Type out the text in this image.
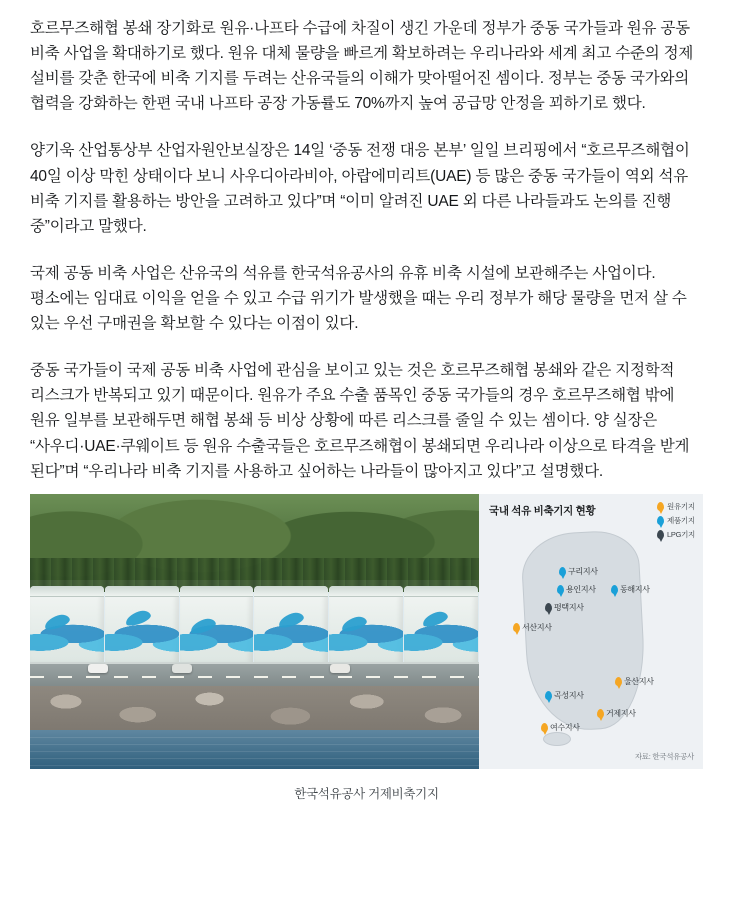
호르무즈해협 봉쇄 장기화로 원유·나프타 수급에 차질이 생긴 가운데 정부가 중동 국가들과 원유 공동 비축 사업을 확대하기로 했다. 원유 대체 물량을 빠르게 확보하려는 우리나라와 세계 최고 수준의 정제 설비를 갖춘 한국에 비축 기지를 두려는 산유국들의 이해가 맞아떨어진 셈이다. 정부는 중동 국가와의 협력을 강화하는 한편 국내 나프타 공장 가동률도 70%까지 높여 공급망 안정을 꾀하기로 했다.

양기욱 산업통상부 산업자원안보실장은 14일 ‘중동 전쟁 대응 본부’ 일일 브리핑에서 “호르무즈해협이 40일 이상 막힌 상태이다 보니 사우디아라비아, 아랍에미리트(UAE) 등 많은 중동 국가들이 역외 석유 비축 기지를 활용하는 방안을 고려하고 있다”며 “이미 알려진 UAE 외 다른 나라들과도 논의를 진행 중”이라고 말했다.

국제 공동 비축 사업은 산유국의 석유를 한국석유공사의 유휴 비축 시설에 보관해주는 사업이다. 평소에는 임대료 이익을 얻을 수 있고 수급 위기가 발생했을 때는 우리 정부가 해당 물량을 먼저 살 수 있는 우선 구매권을 확보할 수 있다는 이점이 있다.

중동 국가들이 국제 공동 비축 사업에 관심을 보이고 있는 것은 호르무즈해협 봉쇄와 같은 지정학적 리스크가 반복되고 있기 때문이다. 원유가 주요 수출 품목인 중동 국가들의 경우 호르무즈해협 밖에 원유 일부를 보관해두면 해협 봉쇄 등 비상 상황에 따른 리스크를 줄일 수 있는 셈이다. 양 실장은 “사우디·UAE·쿠웨이트 등 원유 수출국들은 호르무즈해협이 봉쇄되면 우리나라 이상으로 타격을 받게 된다”며 “우리나라 비축 기지를 사용하고 싶어하는 나라들이 많아지고 있다”고 설명했다.

국내 석유 비축기지 현황	원유기지
제품기지
LPG기지
구리지사
용인지사
평택지사
동해지사
서산지사
울산지사
곡성지사
거제지사
여수지사
자료: 한국석유공사
한국석유공사 거제비축기지
